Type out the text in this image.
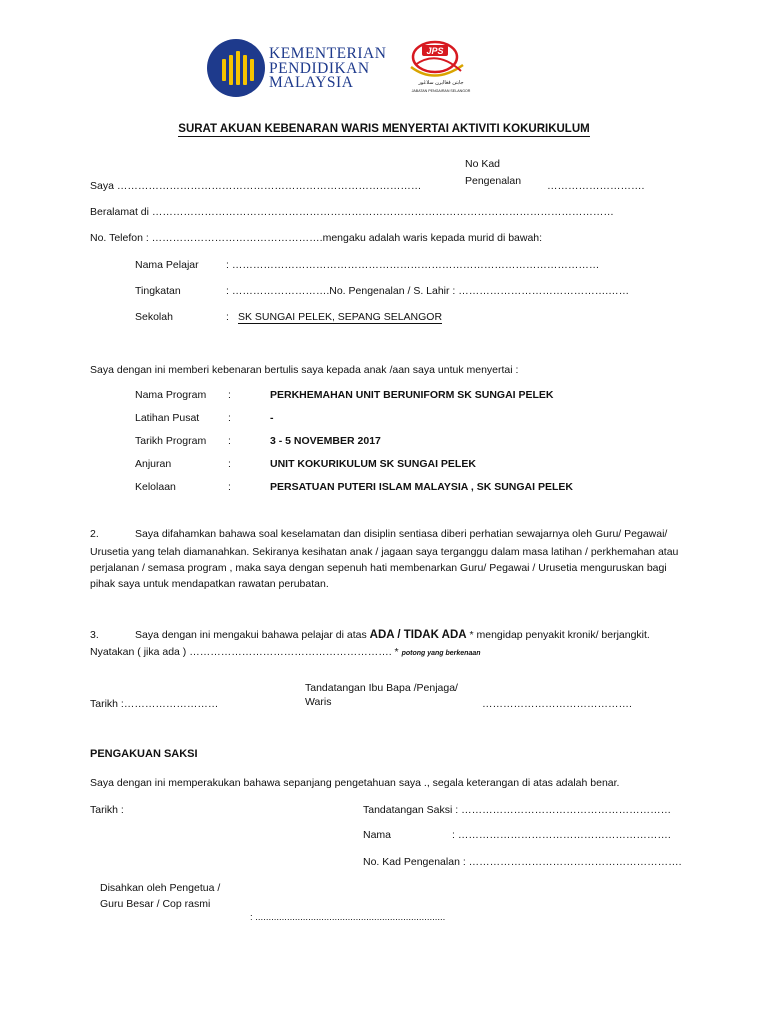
KEMENTERIAN
PENDIDIKAN
MALAYSIA
JPS
جابتن ڤڠاايرن سلاڠور
JABATAN PENGAIRAN SELANGOR
SURAT AKUAN KEBENARAN WARIS MENYERTAI AKTIVITI KOKURIKULUM
Saya ……………………………………………………………………………
No Kad
Pengenalan ……………………….
Beralamat di ……………………………………………………………………………………………………………………
No. Telefon : ………………………………………….mengaku adalah waris kepada murid di bawah:
Nama Pelajar	: ……………………………………………………………………………………………
Tingkatan	: ……………………….No. Pengenalan / S. Lahir : …………………………………….……
Sekolah	: SK SUNGAI PELEK, SEPANG SELANGOR
Saya dengan ini memberi kebenaran bertulis saya kepada anak /aan saya untuk menyertai :
Nama Program :	PERKHEMAHAN UNIT BERUNIFORM SK SUNGAI PELEK
Latihan Pusat	:	-
Tarikh Program :	3 - 5 NOVEMBER 2017
Anjuran	:	UNIT KOKURIKULUM SK SUNGAI PELEK
Kelolaan	:	PERSATUAN PUTERI ISLAM MALAYSIA , SK SUNGAI PELEK
2.	Saya difahamkan bahawa soal keselamatan dan disiplin sentiasa diberi perhatian sewajarnya oleh Guru/ Pegawai/
Urusetia yang telah diamanahkan. Sekiranya kesihatan anak / jagaan saya terganggu dalam masa latihan / perkhemahan atau
perjalanan / semasa program , maka saya dengan sepenuh hati membenarkan Guru/ Pegawai / Urusetia menguruskan bagi
pihak saya untuk mendapatkan rawatan perubatan.
3.	Saya dengan ini mengakui bahawa pelajar di atas ADA / TIDAK ADA * mengidap penyakit kronik/ berjangkit.
Nyatakan ( jika ada ) …………………………………………………. * potong yang berkenaan
Tarikh :………………………
Tandatangan Ibu Bapa /Penjaga/
Waris	…………………………………….
PENGAKUAN SAKSI
Saya dengan ini memperakukan bahawa sepanjang pengetahuan saya ., segala keterangan di atas adalah benar.
Tarikh :	Tandatangan Saksi : ……………………………………………………
Nama	: …………………………………………………….
No. Kad Pengenalan : …………………………………………………….
Disahkan oleh Pengetua /
Guru Besar / Cop rasmi
: ........................................................................
